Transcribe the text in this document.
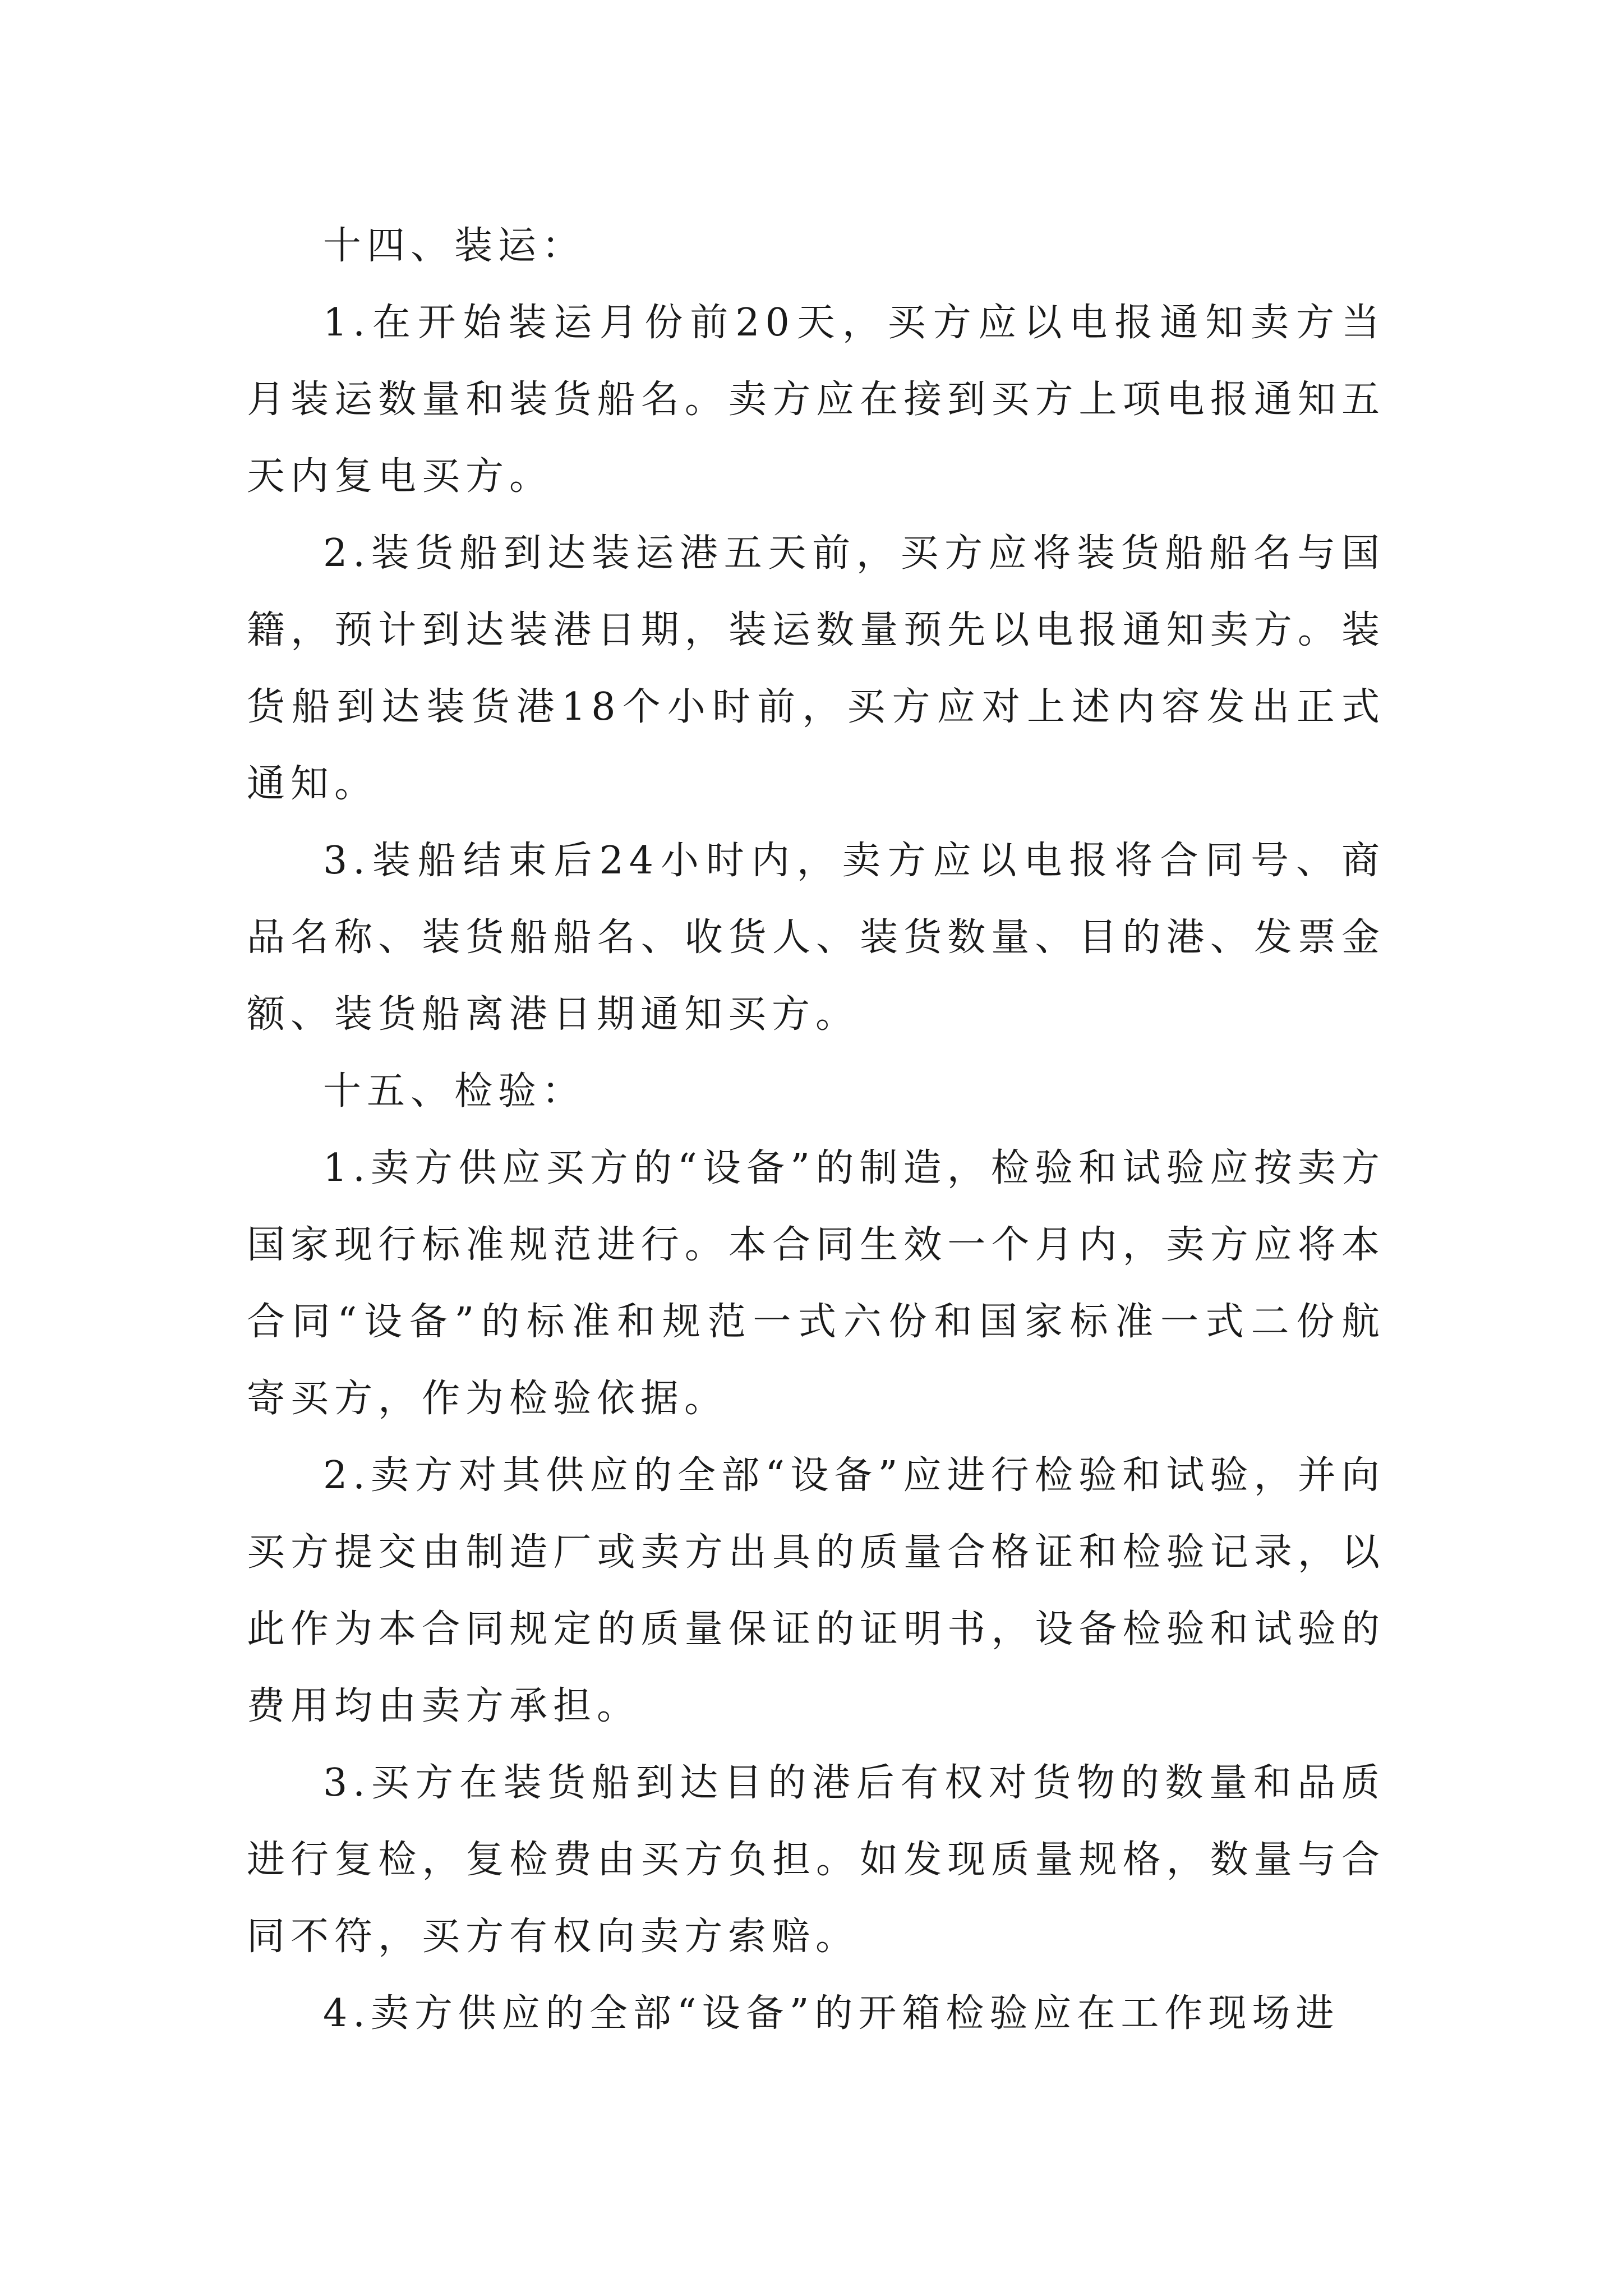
十四、装运：

1.在开始装运月份前20天，买方应以电报通知卖方当月装运数量和装货船名。卖方应在接到买方上项电报通知五天内复电买方。

2.装货船到达装运港五天前，买方应将装货船船名与国籍，预计到达装港日期，装运数量预先以电报通知卖方。装货船到达装货港18个小时前，买方应对上述内容发出正式通知。

3.装船结束后24小时内，卖方应以电报将合同号、商品名称、装货船船名、收货人、装货数量、目的港、发票金额、装货船离港日期通知买方。

十五、检验：

1.卖方供应买方的“设备”的制造，检验和试验应按卖方国家现行标准规范进行。本合同生效一个月内，卖方应将本合同“设备”的标准和规范一式六份和国家标准一式二份航寄买方，作为检验依据。

2.卖方对其供应的全部“设备”应进行检验和试验，并向买方提交由制造厂或卖方出具的质量合格证和检验记录，以此作为本合同规定的质量保证的证明书，设备检验和试验的费用均由卖方承担。

3.买方在装货船到达目的港后有权对货物的数量和品质进行复检，复检费由买方负担。如发现质量规格，数量与合同不符，买方有权向卖方索赔。

4.卖方供应的全部“设备”的开箱检验应在工作现场进
